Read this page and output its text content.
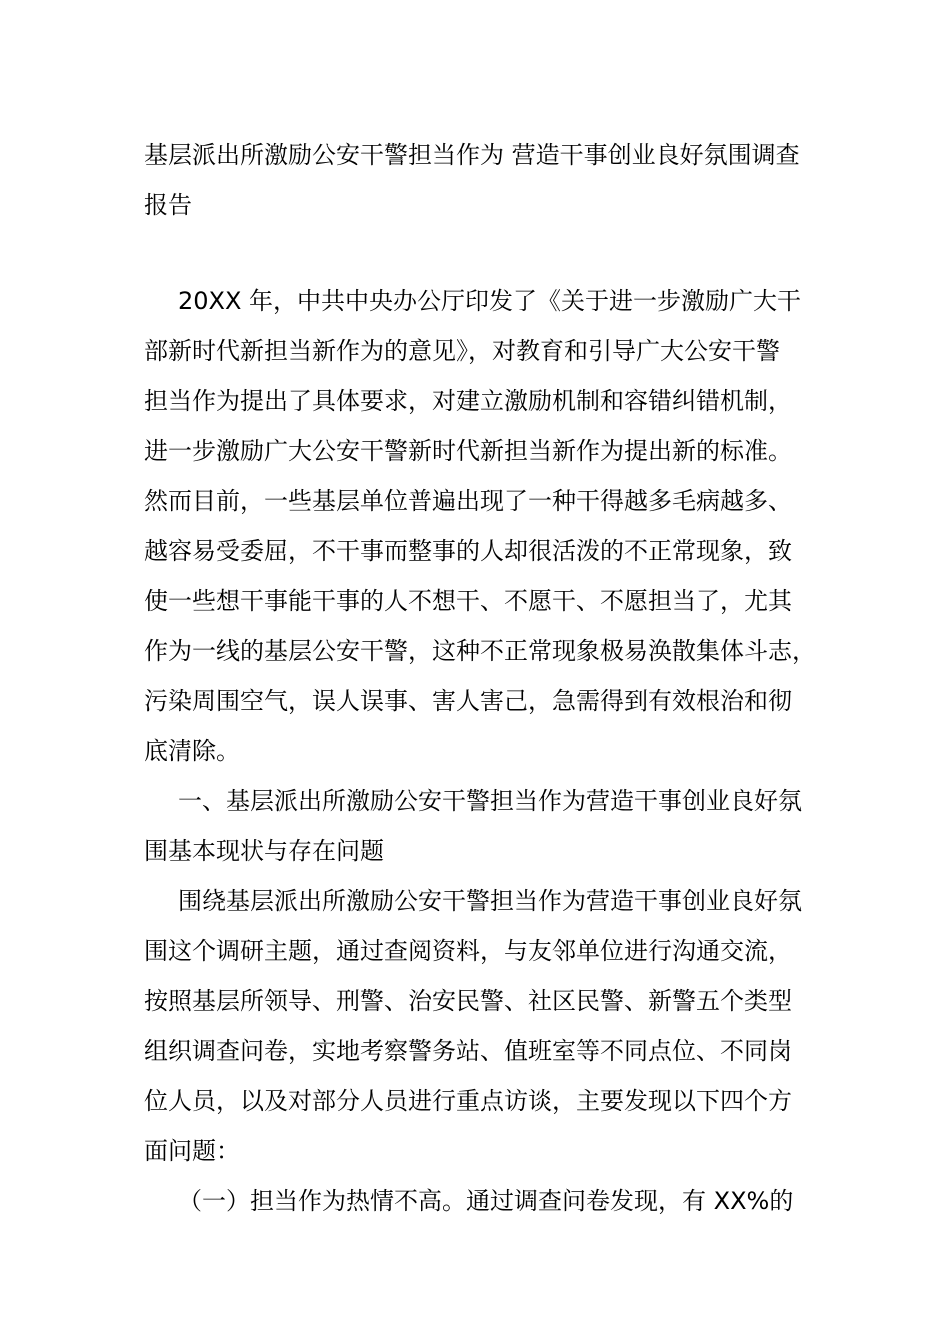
基层派出所激励公安干警担当作为 营造干事创业良好氛围调查
报告
20XX 年，中共中央办公厅印发了《关于进一步激励广大干
部新时代新担当新作为的意见》，对教育和引导广大公安干警
担当作为提出了具体要求，对建立激励机制和容错纠错机制，
进一步激励广大公安干警新时代新担当新作为提出新的标准。
然而目前，一些基层单位普遍出现了一种干得越多毛病越多、
越容易受委屈，不干事而整事的人却很活泼的不正常现象，致
使一些想干事能干事的人不想干、不愿干、不愿担当了，尤其
作为一线的基层公安干警，这种不正常现象极易涣散集体斗志，
污染周围空气，误人误事、害人害己，急需得到有效根治和彻
底清除。
一、基层派出所激励公安干警担当作为营造干事创业良好氛
围基本现状与存在问题
围绕基层派出所激励公安干警担当作为营造干事创业良好氛
围这个调研主题，通过查阅资料，与友邻单位进行沟通交流，
按照基层所领导、刑警、治安民警、社区民警、新警五个类型
组织调查问卷，实地考察警务站、值班室等不同点位、不同岗
位人员，以及对部分人员进行重点访谈，主要发现以下四个方
面问题：
（一）担当作为热情不高。通过调查问卷发现，有 XX%的
